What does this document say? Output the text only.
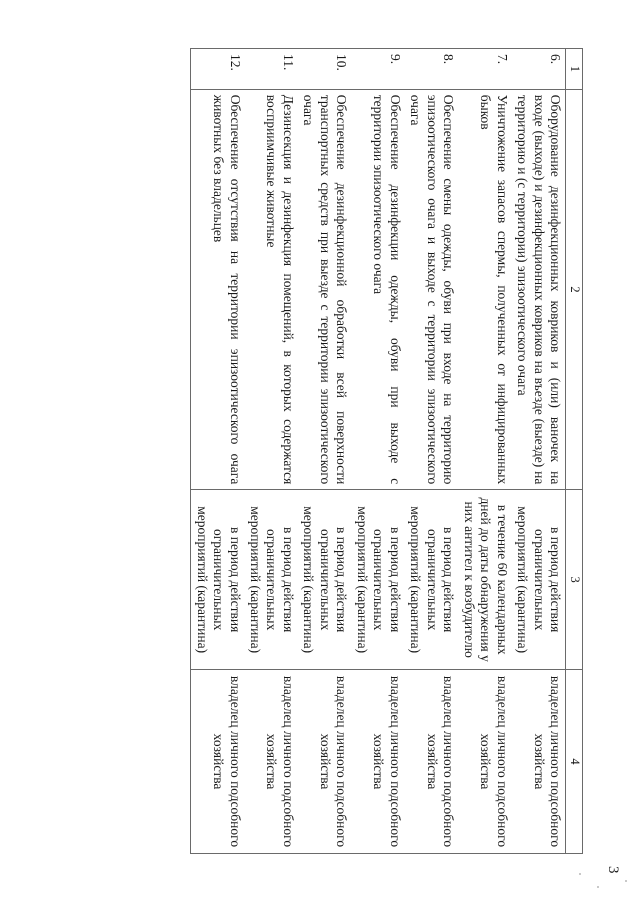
3
1	2	3	4
6.	Оборудование дезинфекционных ковриков и (или) ваночек на входе (выходе) и дезинфекционных ковриков на въезде (выезде) на территорию и (с территории) эпизоотического очага	в период действия ограничительных мероприятий (карантина)	владелец личного подсобного хозяйства
7.	Уничтожение запасов спермы, полученных от инфицированных быков	в течение 60 календарных дней до даты обнаружения у них антител к возбудителю	владелец личного подсобного хозяйства
8.	Обеспечение смены одежды, обуви при входе на территорию эпизоотического очага и выходе с территории эпизоотического очага	в период действия ограничительных мероприятий (карантина)	владелец личного подсобного хозяйства
9.	Обеспечение дезинфекции одежды, обуви при выходе с территории эпизоотического очага	в период действия ограничительных мероприятий (карантина)	владелец личного подсобного хозяйства
10.	Обеспечение дезинфекционной обработки всей поверхности транспортных средств при выезде с территории эпизоотического очага	в период действия ограничительных мероприятий (карантина)	владелец личного подсобного хозяйства
11.	Дезинсекция и дезинфекция помещений, в которых содержатся восприимчивые животные	в период действия ограничительных мероприятий (карантина)	владелец личного подсобного хозяйства
12.	Обеспечение отсутствия на территории эпизоотического очага животных без владельцев	в период действия ограничительных мероприятий (карантина)	владелец личного подсобного хозяйства
